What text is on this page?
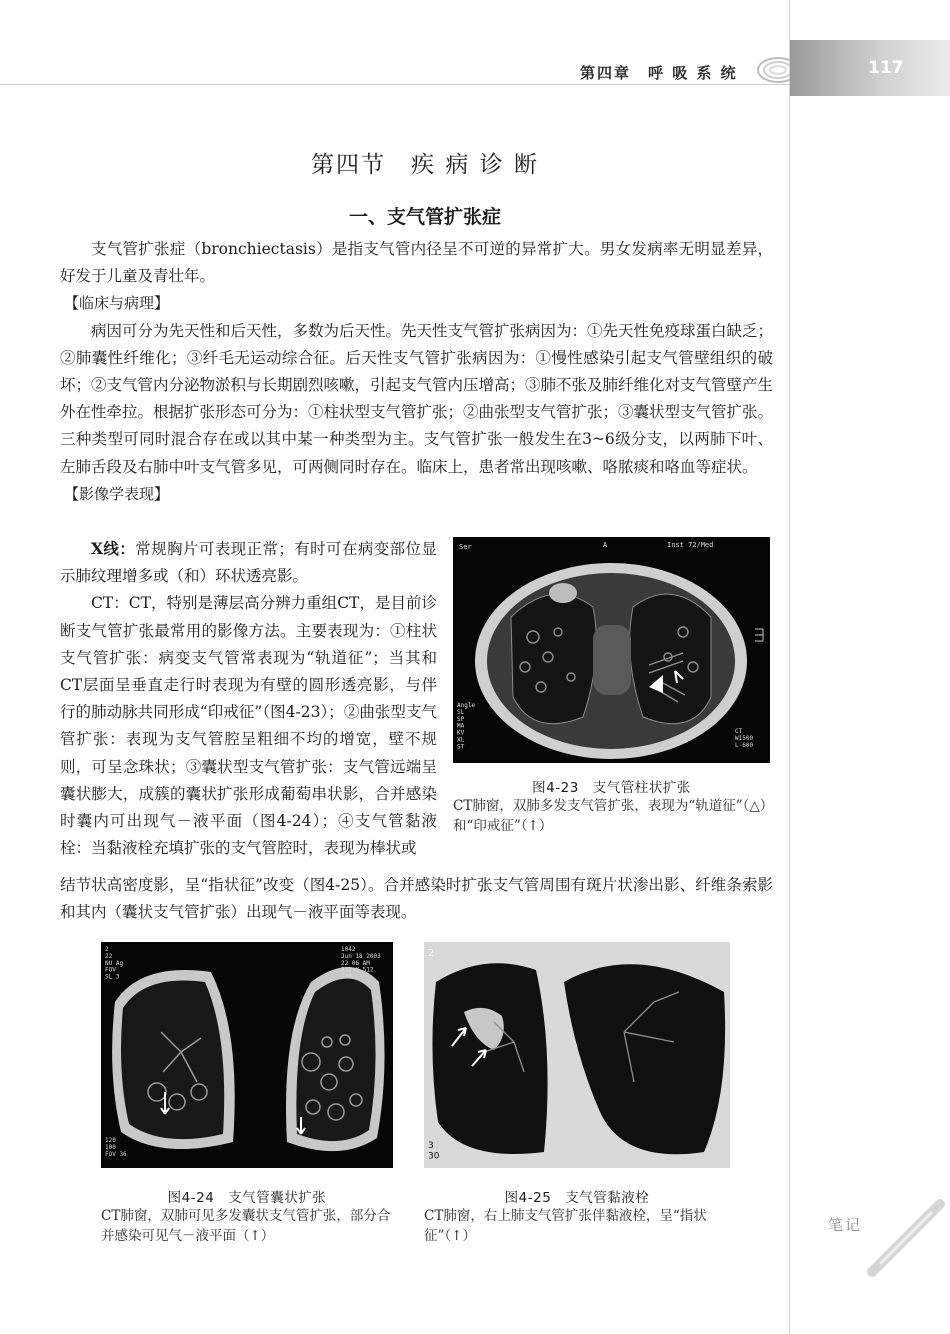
第四章　呼 吸 系 统	117
第四节　疾 病 诊 断
一、支气管扩张症

支气管扩张症（bronchiectasis）是指支气管内径呈不可逆的异常扩大。男女发病率无明显差异，好发于儿童及青壮年。

【临床与病理】

病因可分为先天性和后天性，多数为后天性。先天性支气管扩张病因为：①先天性免疫球蛋白缺乏；②肺囊性纤维化；③纤毛无运动综合征。后天性支气管扩张病因为：①慢性感染引起支气管壁组织的破坏；②支气管内分泌物淤积与长期剧烈咳嗽，引起支气管内压增高；③肺不张及肺纤维化对支气管壁产生外在性牵拉。根据扩张形态可分为：①柱状型支气管扩张；②曲张型支气管扩张；③囊状型支气管扩张。三种类型可同时混合存在或以其中某一种类型为主。支气管扩张一般发生在3~6级分支，以两肺下叶、左肺舌段及右肺中叶支气管多见，可两侧同时存在。临床上，患者常出现咳嗽、咯脓痰和咯血等症状。

【影像学表现】

X线：常规胸片可表现正常；有时可在病变部位显示肺纹理增多或（和）环状透亮影。

CT：CT，特别是薄层高分辨力重组CT，是目前诊断支气管扩张最常用的影像方法。主要表现为：①柱状支气管扩张：病变支气管常表现为“轨道征”；当其和CT层面呈垂直走行时表现为有壁的圆形透亮影，与伴行的肺动脉共同形成“印戒征”（图4-23）；②曲张型支气管扩张：表现为支气管腔呈粗细不均的增宽，壁不规则，可呈念珠状；③囊状型支气管扩张：支气管远端呈囊状膨大，成簇的囊状扩张形成葡萄串状影，合并感染时囊内可出现气－液平面（图4-24）；④支气管黏液栓：当黏液栓充填扩张的支气管腔时，表现为棒状或

结节状高密度影，呈“指状征”改变（图4-25）。合并感染时扩张支气管周围有斑片状渗出影、纤维条索影和其内（囊状支气管扩张）出现气－液平面等表现。

Ser	A	Inst 72/Med
Angle SL SP MA KV XL ST
CT W1500 L-600
图4-23　支气管柱状扩张
CT肺窗，双肺多发支气管扩张，表现为“轨道征”（△）和“印戒征”（↑）
2 22 NU Ag FOV SL 3
1042 Jun 18 2003 22 06 AM 512 X 512 133
120 100 FOV 36
图4-24　支气管囊状扩张
CT肺窗，双肺可见多发囊状支气管扩张，部分合并感染可见气－液平面（↑）
2
3 30
图4-25　支气管黏液栓
CT肺窗，右上肺支气管扩张伴黏液栓，呈“指状征”（↑）
笔记
